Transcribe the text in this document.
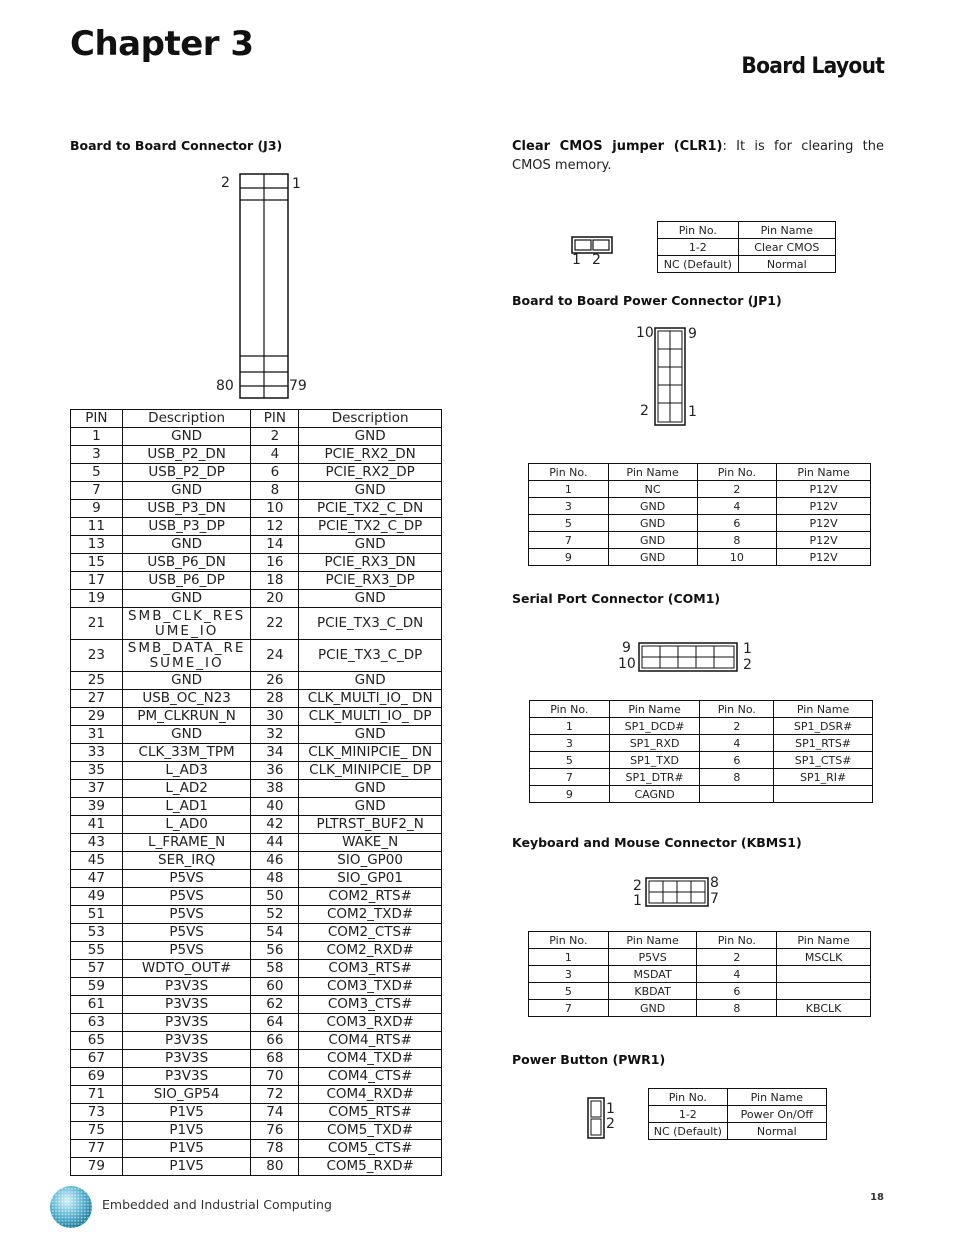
Chapter 3
Board Layout
Board to Board Connector (J3)
2	1
80	79
PIN	Description	PIN	Description
1	GND	2	GND
3	USB_P2_DN	4	PCIE_RX2_DN
5	USB_P2_DP	6	PCIE_RX2_DP
7	GND	8	GND
9	USB_P3_DN	10	PCIE_TX2_C_DN
11	USB_P3_DP	12	PCIE_TX2_C_DP
13	GND	14	GND
15	USB_P6_DN	16	PCIE_RX3_DN
17	USB_P6_DP	18	PCIE_RX3_DP
19	GND	20	GND
21	SMB_CLK_RESUME_IO	22	PCIE_TX3_C_DN
23	SMB_DATA_RESUME_IO	24	PCIE_TX3_C_DP
25	GND	26	GND
27	USB_OC_N23	28	CLK_MULTI_IO_ DN
29	PM_CLKRUN_N	30	CLK_MULTI_IO_ DP
31	GND	32	GND
33	CLK_33M_TPM	34	CLK_MINIPCIE_ DN
35	L_AD3	36	CLK_MINIPCIE_ DP
37	L_AD2	38	GND
39	L_AD1	40	GND
41	L_AD0	42	PLTRST_BUF2_N
43	L_FRAME_N	44	WAKE_N
45	SER_IRQ	46	SIO_GP00
47	P5VS	48	SIO_GP01
49	P5VS	50	COM2_RTS#
51	P5VS	52	COM2_TXD#
53	P5VS	54	COM2_CTS#
55	P5VS	56	COM2_RXD#
57	WDTO_OUT#	58	COM3_RTS#
59	P3V3S	60	COM3_TXD#
61	P3V3S	62	COM3_CTS#
63	P3V3S	64	COM3_RXD#
65	P3V3S	66	COM4_RTS#
67	P3V3S	68	COM4_TXD#
69	P3V3S	70	COM4_CTS#
71	SIO_GP54	72	COM4_RXD#
73	P1V5	74	COM5_RTS#
75	P1V5	76	COM5_TXD#
77	P1V5	78	COM5_CTS#
79	P1V5	80	COM5_RXD#
Clear CMOS jumper (CLR1): It is for clearing the CMOS memory.
1 2
Pin No.	Pin Name
1-2	Clear CMOS
NC (Default)	Normal
Board to Board Power Connector (JP1)
10 9
2	1
Pin No.	Pin Name	Pin No.	Pin Name
1	NC	2	P12V
3	GND	4	P12V
5	GND	6	P12V
7	GND	8	P12V
9	GND	10	P12V
Serial Port Connector (COM1)
9
10
1
2
Pin No.	Pin Name	Pin No.	Pin Name
1	SP1_DCD#	2	SP1_DSR#
3	SP1_RXD	4	SP1_RTS#
5	SP1_TXD	6	SP1_CTS#
7	SP1_DTR#	8	SP1_RI#
9	CAGND		
Keyboard and Mouse Connector (KBMS1)
2
1
8
7
Pin No.	Pin Name	Pin No.	Pin Name
1	P5VS	2	MSCLK
3	MSDAT	4	
5	KBDAT	6	
7	GND	8	KBCLK
Power Button (PWR1)
1
2
Pin No.	Pin Name
1-2	Power On/Off
NC (Default)	Normal
Embedded and Industrial Computing	18
